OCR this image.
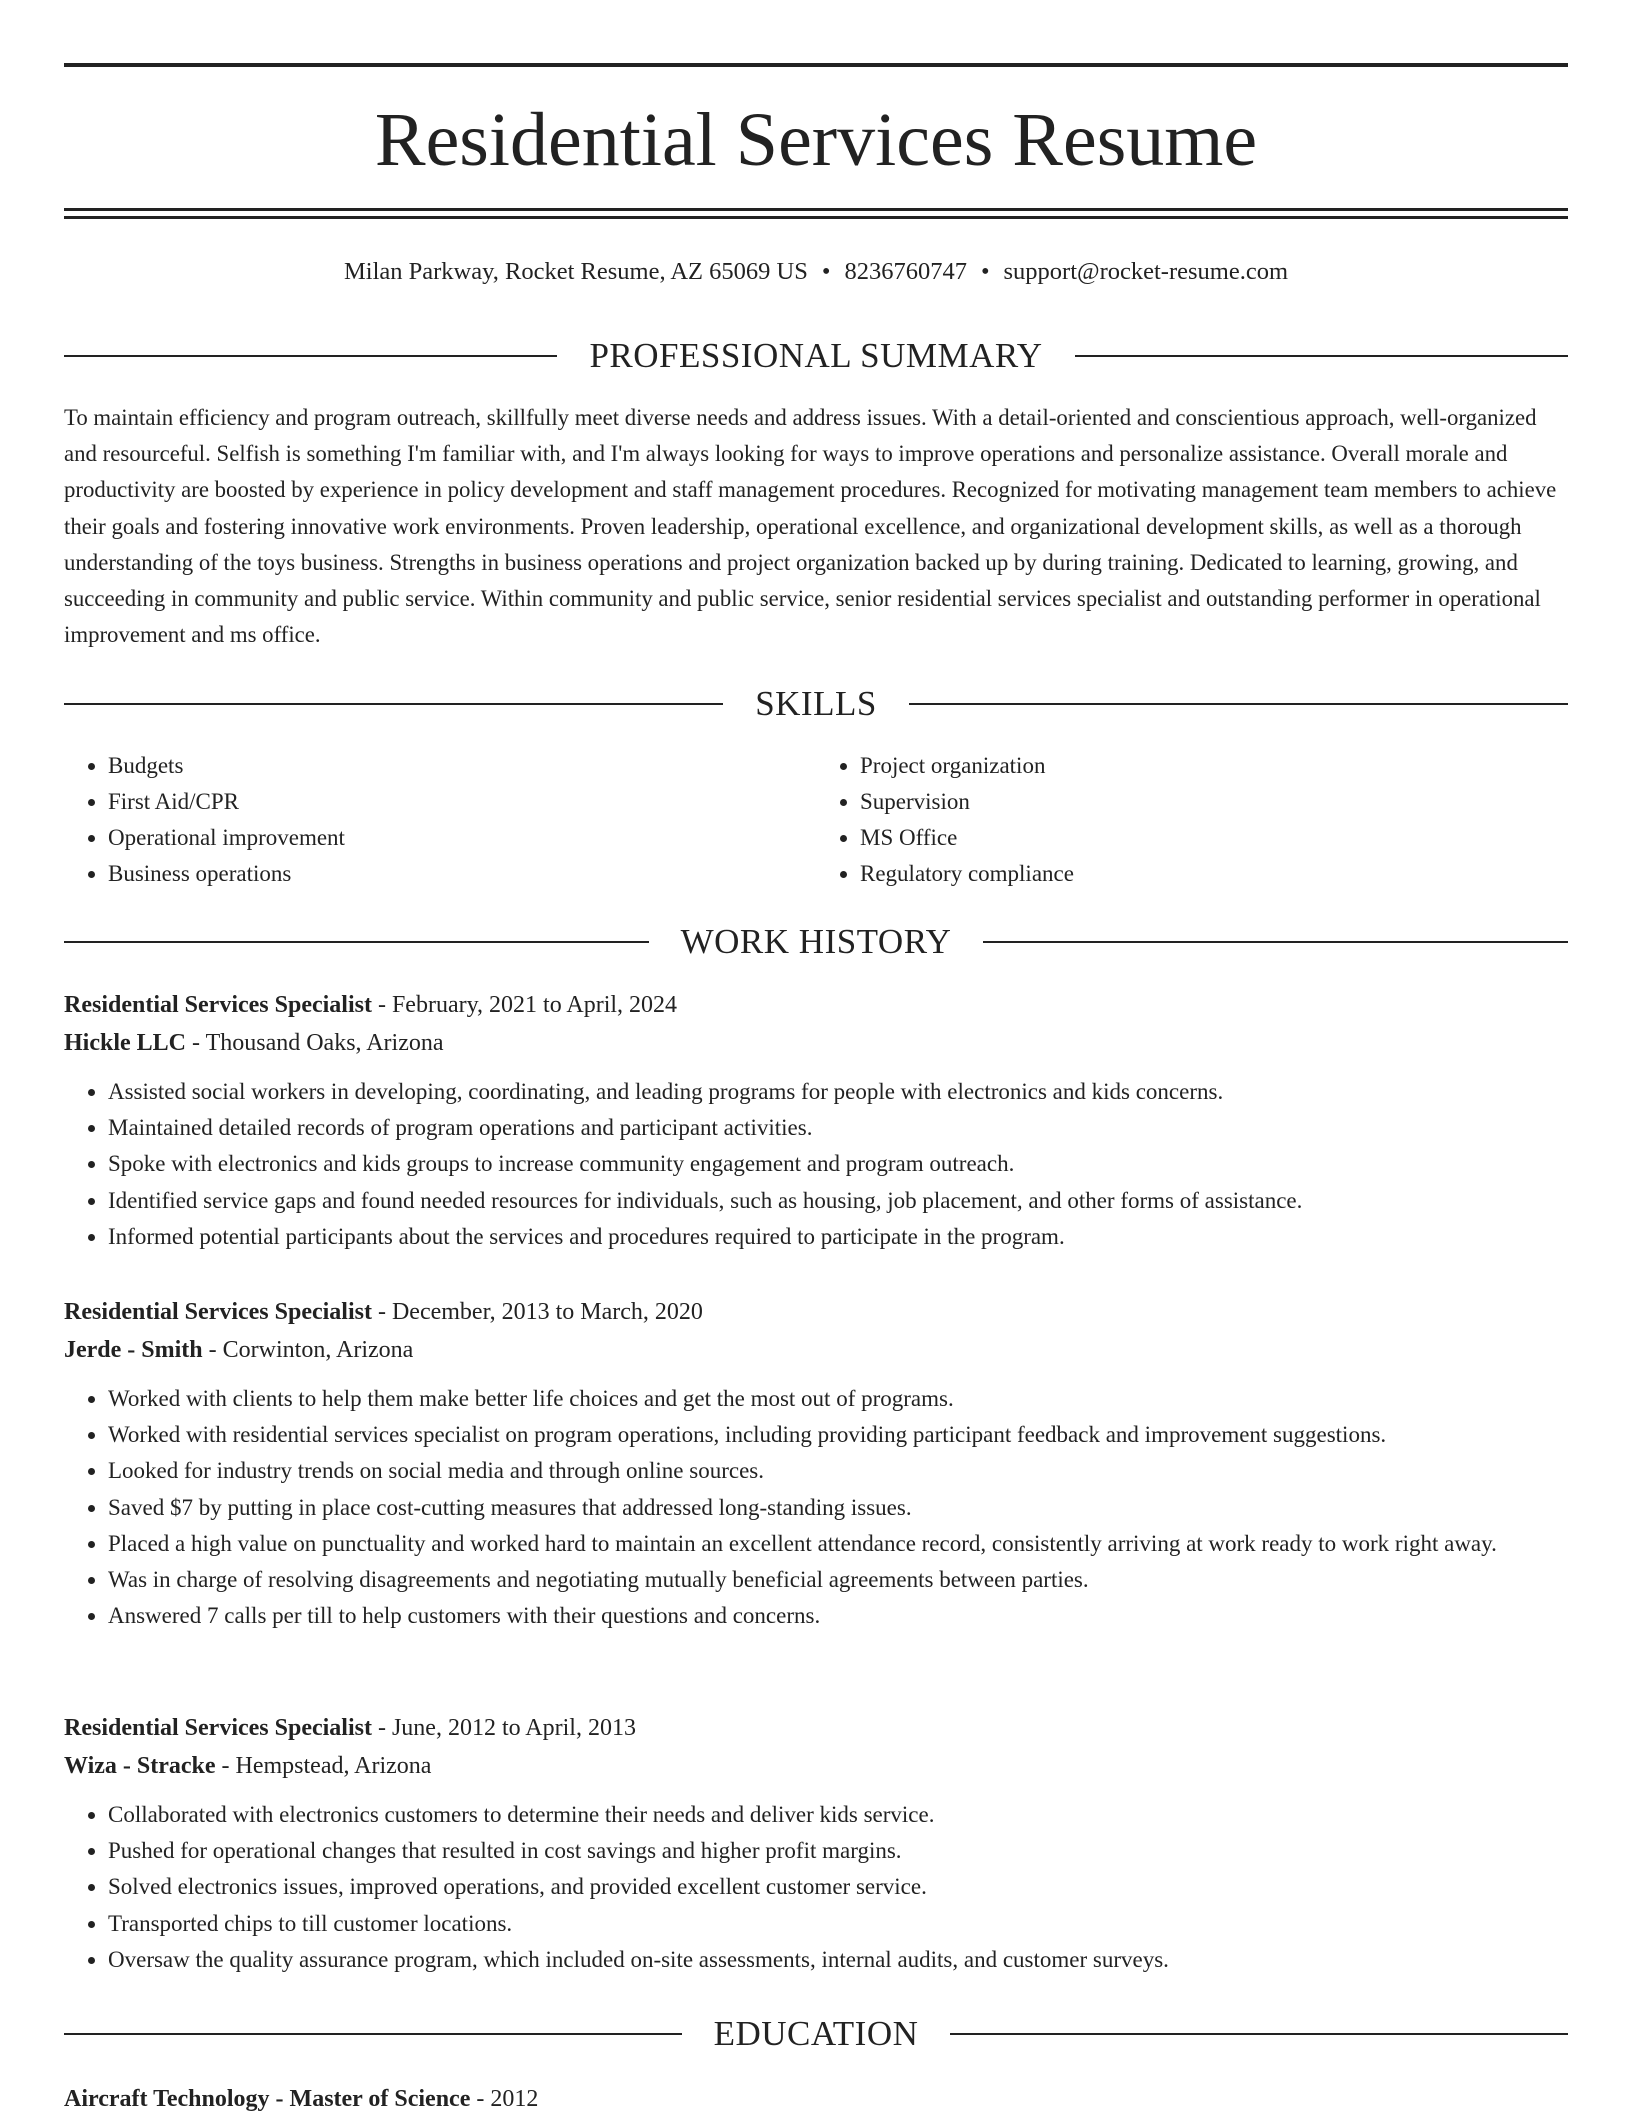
Residential Services Resume
Milan Parkway, Rocket Resume, AZ 65069 US • 8236760747 • support@rocket-resume.com
PROFESSIONAL SUMMARY

To maintain efficiency and program outreach, skillfully meet diverse needs and address issues. With a detail-oriented and conscientious approach, well-organized and resourceful. Selfish is something I'm familiar with, and I'm always looking for ways to improve operations and personalize assistance. Overall morale and productivity are boosted by experience in policy development and staff management procedures. Recognized for motivating management team members to achieve their goals and fostering innovative work environments. Proven leadership, operational excellence, and organizational development skills, as well as a thorough understanding of the toys business. Strengths in business operations and project organization backed up by during training. Dedicated to learning, growing, and succeeding in community and public service. Within community and public service, senior residential services specialist and outstanding performer in operational improvement and ms office.

SKILLS
• Budgets
• First Aid/CPR
• Operational improvement
• Business operations
• Project organization
• Supervision
• MS Office
• Regulatory compliance
WORK HISTORY
Residential Services Specialist - February, 2021 to April, 2024
Hickle LLC - Thousand Oaks, Arizona
• Assisted social workers in developing, coordinating, and leading programs for people with electronics and kids concerns.
• Maintained detailed records of program operations and participant activities.
• Spoke with electronics and kids groups to increase community engagement and program outreach.
• Identified service gaps and found needed resources for individuals, such as housing, job placement, and other forms of assistance.
• Informed potential participants about the services and procedures required to participate in the program.
Residential Services Specialist - December, 2013 to March, 2020
Jerde - Smith - Corwinton, Arizona
• Worked with clients to help them make better life choices and get the most out of programs.
• Worked with residential services specialist on program operations, including providing participant feedback and improvement suggestions.
• Looked for industry trends on social media and through online sources.
• Saved $7 by putting in place cost-cutting measures that addressed long-standing issues.
• Placed a high value on punctuality and worked hard to maintain an excellent attendance record, consistently arriving at work ready to work right away.
• Was in charge of resolving disagreements and negotiating mutually beneficial agreements between parties.
• Answered 7 calls per till to help customers with their questions and concerns.
Residential Services Specialist - June, 2012 to April, 2013
Wiza - Stracke - Hempstead, Arizona
• Collaborated with electronics customers to determine their needs and deliver kids service.
• Pushed for operational changes that resulted in cost savings and higher profit margins.
• Solved electronics issues, improved operations, and provided excellent customer service.
• Transported chips to till customer locations.
• Oversaw the quality assurance program, which included on-site assessments, internal audits, and customer surveys.
EDUCATION
Aircraft Technology - Master of Science - 2012
